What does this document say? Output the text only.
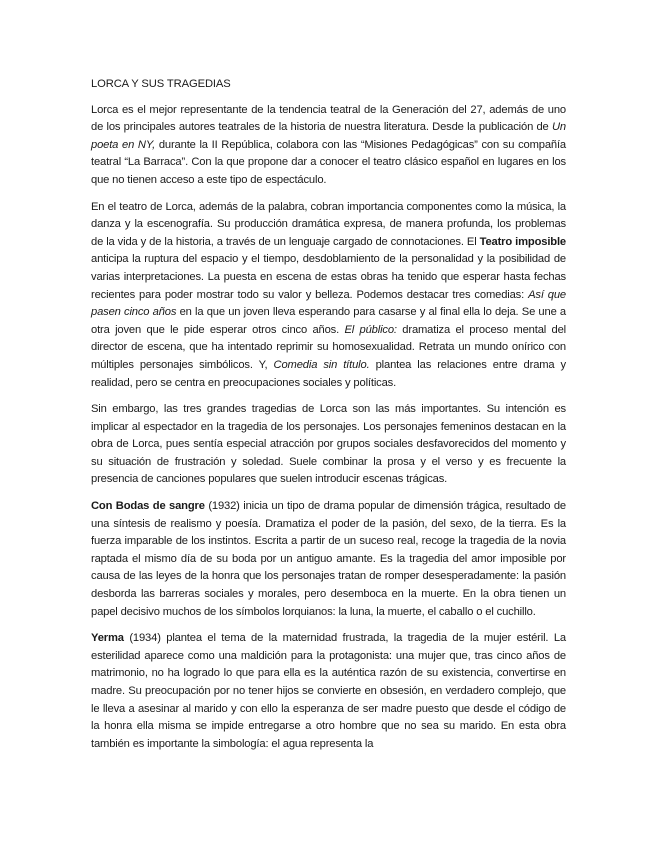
LORCA Y SUS TRAGEDIAS

Lorca es el mejor representante de la tendencia teatral de la Generación del 27, además de uno de los principales autores teatrales de la historia de nuestra literatura. Desde la publicación de Un poeta en NY, durante la II República, colabora con las “Misiones Pedagógicas” con su compañía teatral “La Barraca”. Con la que propone dar a conocer el teatro clásico español en lugares en los que no tienen acceso a este tipo de espectáculo.

En el teatro de Lorca, además de la palabra, cobran importancia componentes como la música, la danza y la escenografía. Su producción dramática expresa, de manera profunda, los problemas de la vida y de la historia, a través de un lenguaje cargado de connotaciones. El Teatro imposible anticipa la ruptura del espacio y el tiempo, desdoblamiento de la personalidad y la posibilidad de varias interpretaciones. La puesta en escena de estas obras ha tenido que esperar hasta fechas recientes para poder mostrar todo su valor y belleza. Podemos destacar tres comedias: Así que pasen cinco años en la que un joven lleva esperando para casarse y al final ella lo deja. Se une a otra joven que le pide esperar otros cinco años. El público: dramatiza el proceso mental del director de escena, que ha intentado reprimir su homosexualidad. Retrata un mundo onírico con múltiples personajes simbólicos. Y, Comedia sin título. plantea las relaciones entre drama y realidad, pero se centra en preocupaciones sociales y políticas.

Sin embargo, las tres grandes tragedias de Lorca son las más importantes. Su intención es implicar al espectador en la tragedia de los personajes. Los personajes femeninos destacan en la obra de Lorca, pues sentía especial atracción por grupos sociales desfavorecidos del momento y su situación de frustración y soledad. Suele combinar la prosa y el verso y es frecuente la presencia de canciones populares que suelen introducir escenas trágicas.

Con Bodas de sangre (1932) inicia un tipo de drama popular de dimensión trágica, resultado de una síntesis de realismo y poesía. Dramatiza el poder de la pasión, del sexo, de la tierra. Es la fuerza imparable de los instintos. Escrita a partir de un suceso real, recoge la tragedia de la novia raptada el mismo día de su boda por un antiguo amante. Es la tragedia del amor imposible por causa de las leyes de la honra que los personajes tratan de romper desesperadamente: la pasión desborda las barreras sociales y morales, pero desemboca en la muerte. En la obra tienen un papel decisivo muchos de los símbolos lorquianos: la luna, la muerte, el caballo o el cuchillo.

Yerma (1934) plantea el tema de la maternidad frustrada, la tragedia de la mujer estéril. La esterilidad aparece como una maldición para la protagonista: una mujer que, tras cinco años de matrimonio, no ha logrado lo que para ella es la auténtica razón de su existencia, convertirse en madre. Su preocupación por no tener hijos se convierte en obsesión, en verdadero complejo, que le lleva a asesinar al marido y con ello la esperanza de ser madre puesto que desde el código de la honra ella misma se impide entregarse a otro hombre que no sea su marido. En esta obra también es importante la simbología: el agua representa la
